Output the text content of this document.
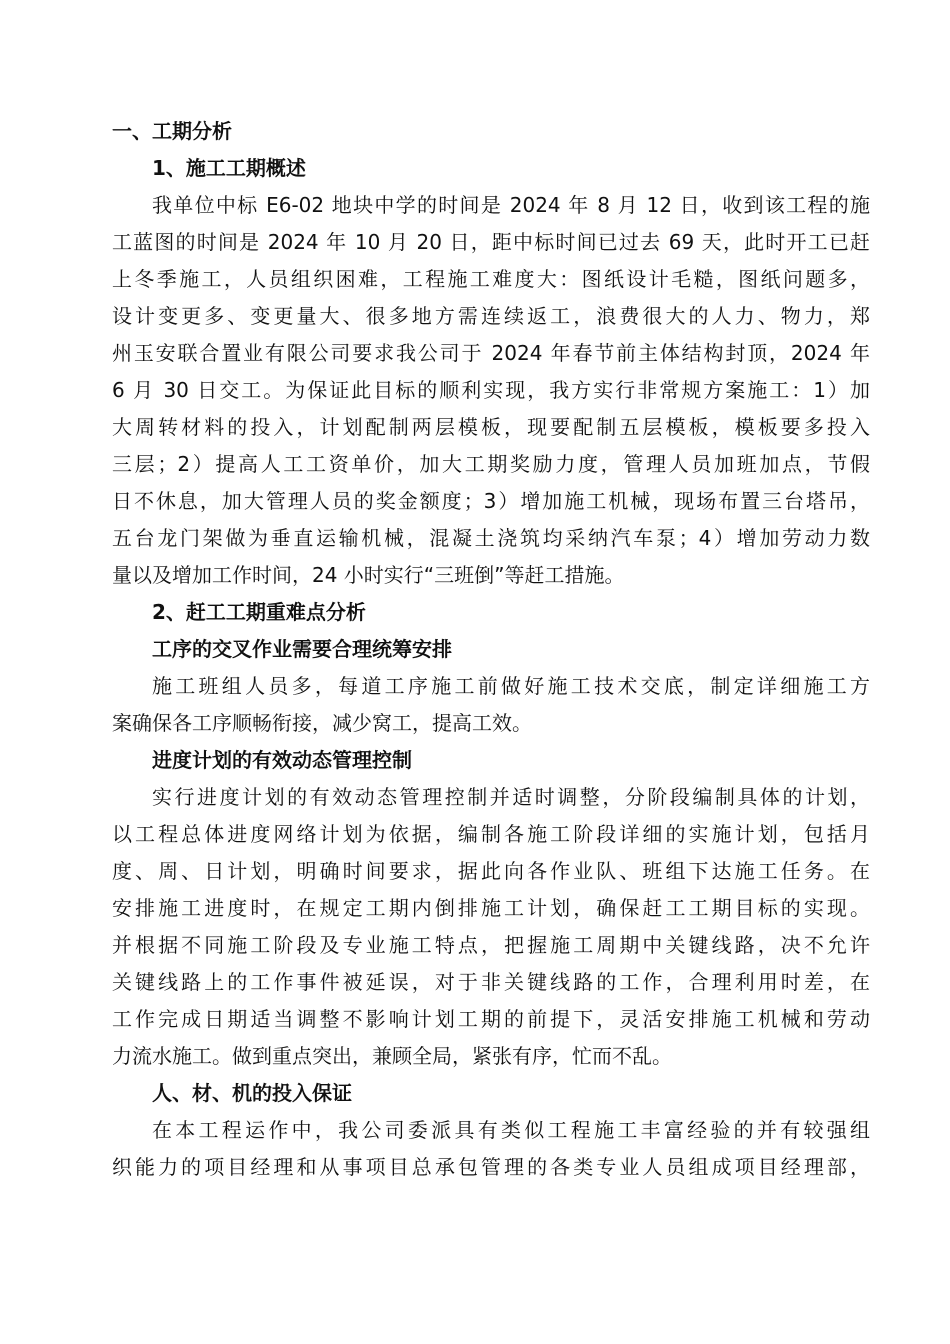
一、工期分析
1、施工工期概述
我单位中标 E6-02 地块中学的时间是 2024 年 8 月 12 日，收到该工程的施
工蓝图的时间是 2024 年 10 月 20 日，距中标时间已过去 69 天，此时开工已赶
上冬季施工，人员组织困难，工程施工难度大：图纸设计毛糙，图纸问题多，
设计变更多、变更量大、很多地方需连续返工，浪费很大的人力、物力，郑
州玉安联合置业有限公司要求我公司于 2024 年春节前主体结构封顶，2024 年
6 月 30 日交工。为保证此目标的顺利实现，我方实行非常规方案施工：1）加
大周转材料的投入，计划配制两层模板，现要配制五层模板，模板要多投入
三层；2）提高人工工资单价，加大工期奖励力度，管理人员加班加点，节假
日不休息，加大管理人员的奖金额度；3）增加施工机械，现场布置三台塔吊，
五台龙门架做为垂直运输机械，混凝土浇筑均采纳汽车泵；4）增加劳动力数
量以及增加工作时间，24 小时实行“三班倒”等赶工措施。
2、赶工工期重难点分析
工序的交叉作业需要合理统筹安排
施工班组人员多，每道工序施工前做好施工技术交底，制定详细施工方
案确保各工序顺畅衔接，减少窝工，提高工效。
进度计划的有效动态管理控制
实行进度计划的有效动态管理控制并适时调整，分阶段编制具体的计划，
以工程总体进度网络计划为依据，编制各施工阶段详细的实施计划，包括月
度、周、日计划，明确时间要求，据此向各作业队、班组下达施工任务。在
安排施工进度时，在规定工期内倒排施工计划，确保赶工工期目标的实现。
并根据不同施工阶段及专业施工特点，把握施工周期中关键线路，决不允许
关键线路上的工作事件被延误，对于非关键线路的工作，合理利用时差，在
工作完成日期适当调整不影响计划工期的前提下，灵活安排施工机械和劳动
力流水施工。做到重点突出，兼顾全局，紧张有序，忙而不乱。
人、材、机的投入保证
在本工程运作中，我公司委派具有类似工程施工丰富经验的并有较强组
织能力的项目经理和从事项目总承包管理的各类专业人员组成项目经理部，
